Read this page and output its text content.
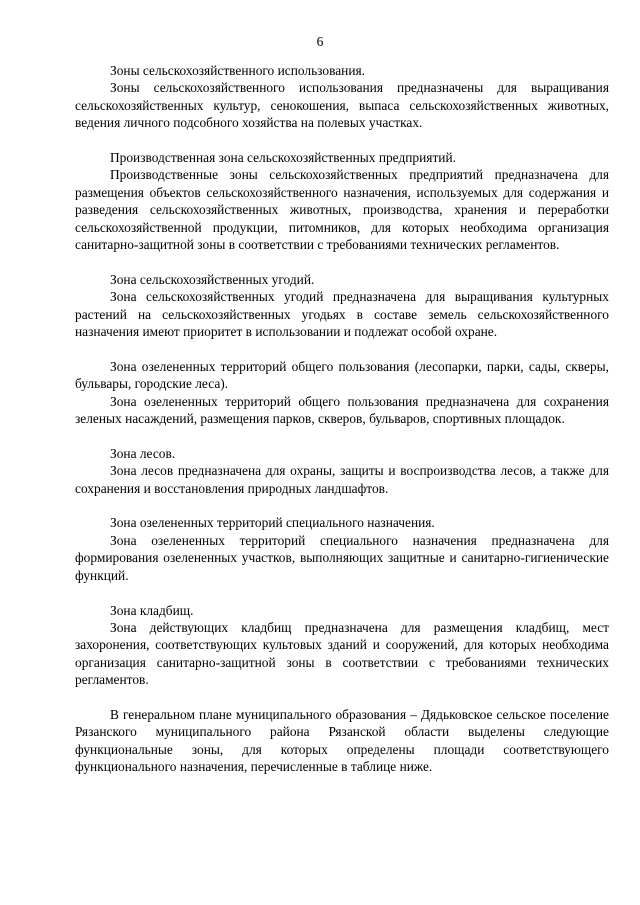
6

Зоны сельскохозяйственного использования.

Зоны сельскохозяйственного использования предназначены для выращивания сельскохозяйственных культур, сенокошения, выпаса сельскохозяйственных животных, ведения личного подсобного хозяйства на полевых участках.

Производственная зона сельскохозяйственных предприятий.

Производственные зоны сельскохозяйственных предприятий предназначена для размещения объектов сельскохозяйственного назначения, используемых для содержания и разведения сельскохозяйственных животных, производства, хранения и переработки сельскохозяйственной продукции, питомников, для которых необходима организация санитарно-защитной зоны в соответствии с требованиями технических регламентов.

Зона сельскохозяйственных угодий.

Зона сельскохозяйственных угодий предназначена для выращивания культурных растений на сельскохозяйственных угодьях в составе земель сельскохозяйственного назначения имеют приоритет в использовании и подлежат особой охране.

Зона озелененных территорий общего пользования (лесопарки, парки, сады, скверы, бульвары, городские леса).

Зона озелененных территорий общего пользования предназначена для сохранения зеленых насаждений, размещения парков, скверов, бульваров, спортивных площадок.

Зона лесов.

Зона лесов предназначена для охраны, защиты и воспроизводства лесов, а также для сохранения и восстановления природных ландшафтов.

Зона озелененных территорий специального назначения.

Зона озелененных территорий специального назначения предназначена для формирования озелененных участков, выполняющих защитные и санитарно-гигиенические функций.

Зона кладбищ.

Зона действующих кладбищ предназначена для размещения кладбищ, мест захоронения, соответствующих культовых зданий и сооружений, для которых необходима организация санитарно-защитной зоны в соответствии с требованиями технических регламентов.

В генеральном плане муниципального образования – Дядьковское сельское поселение Рязанского муниципального района Рязанской области выделены следующие функциональные зоны, для которых определены площади соответствующего функционального назначения, перечисленные в таблице ниже.
